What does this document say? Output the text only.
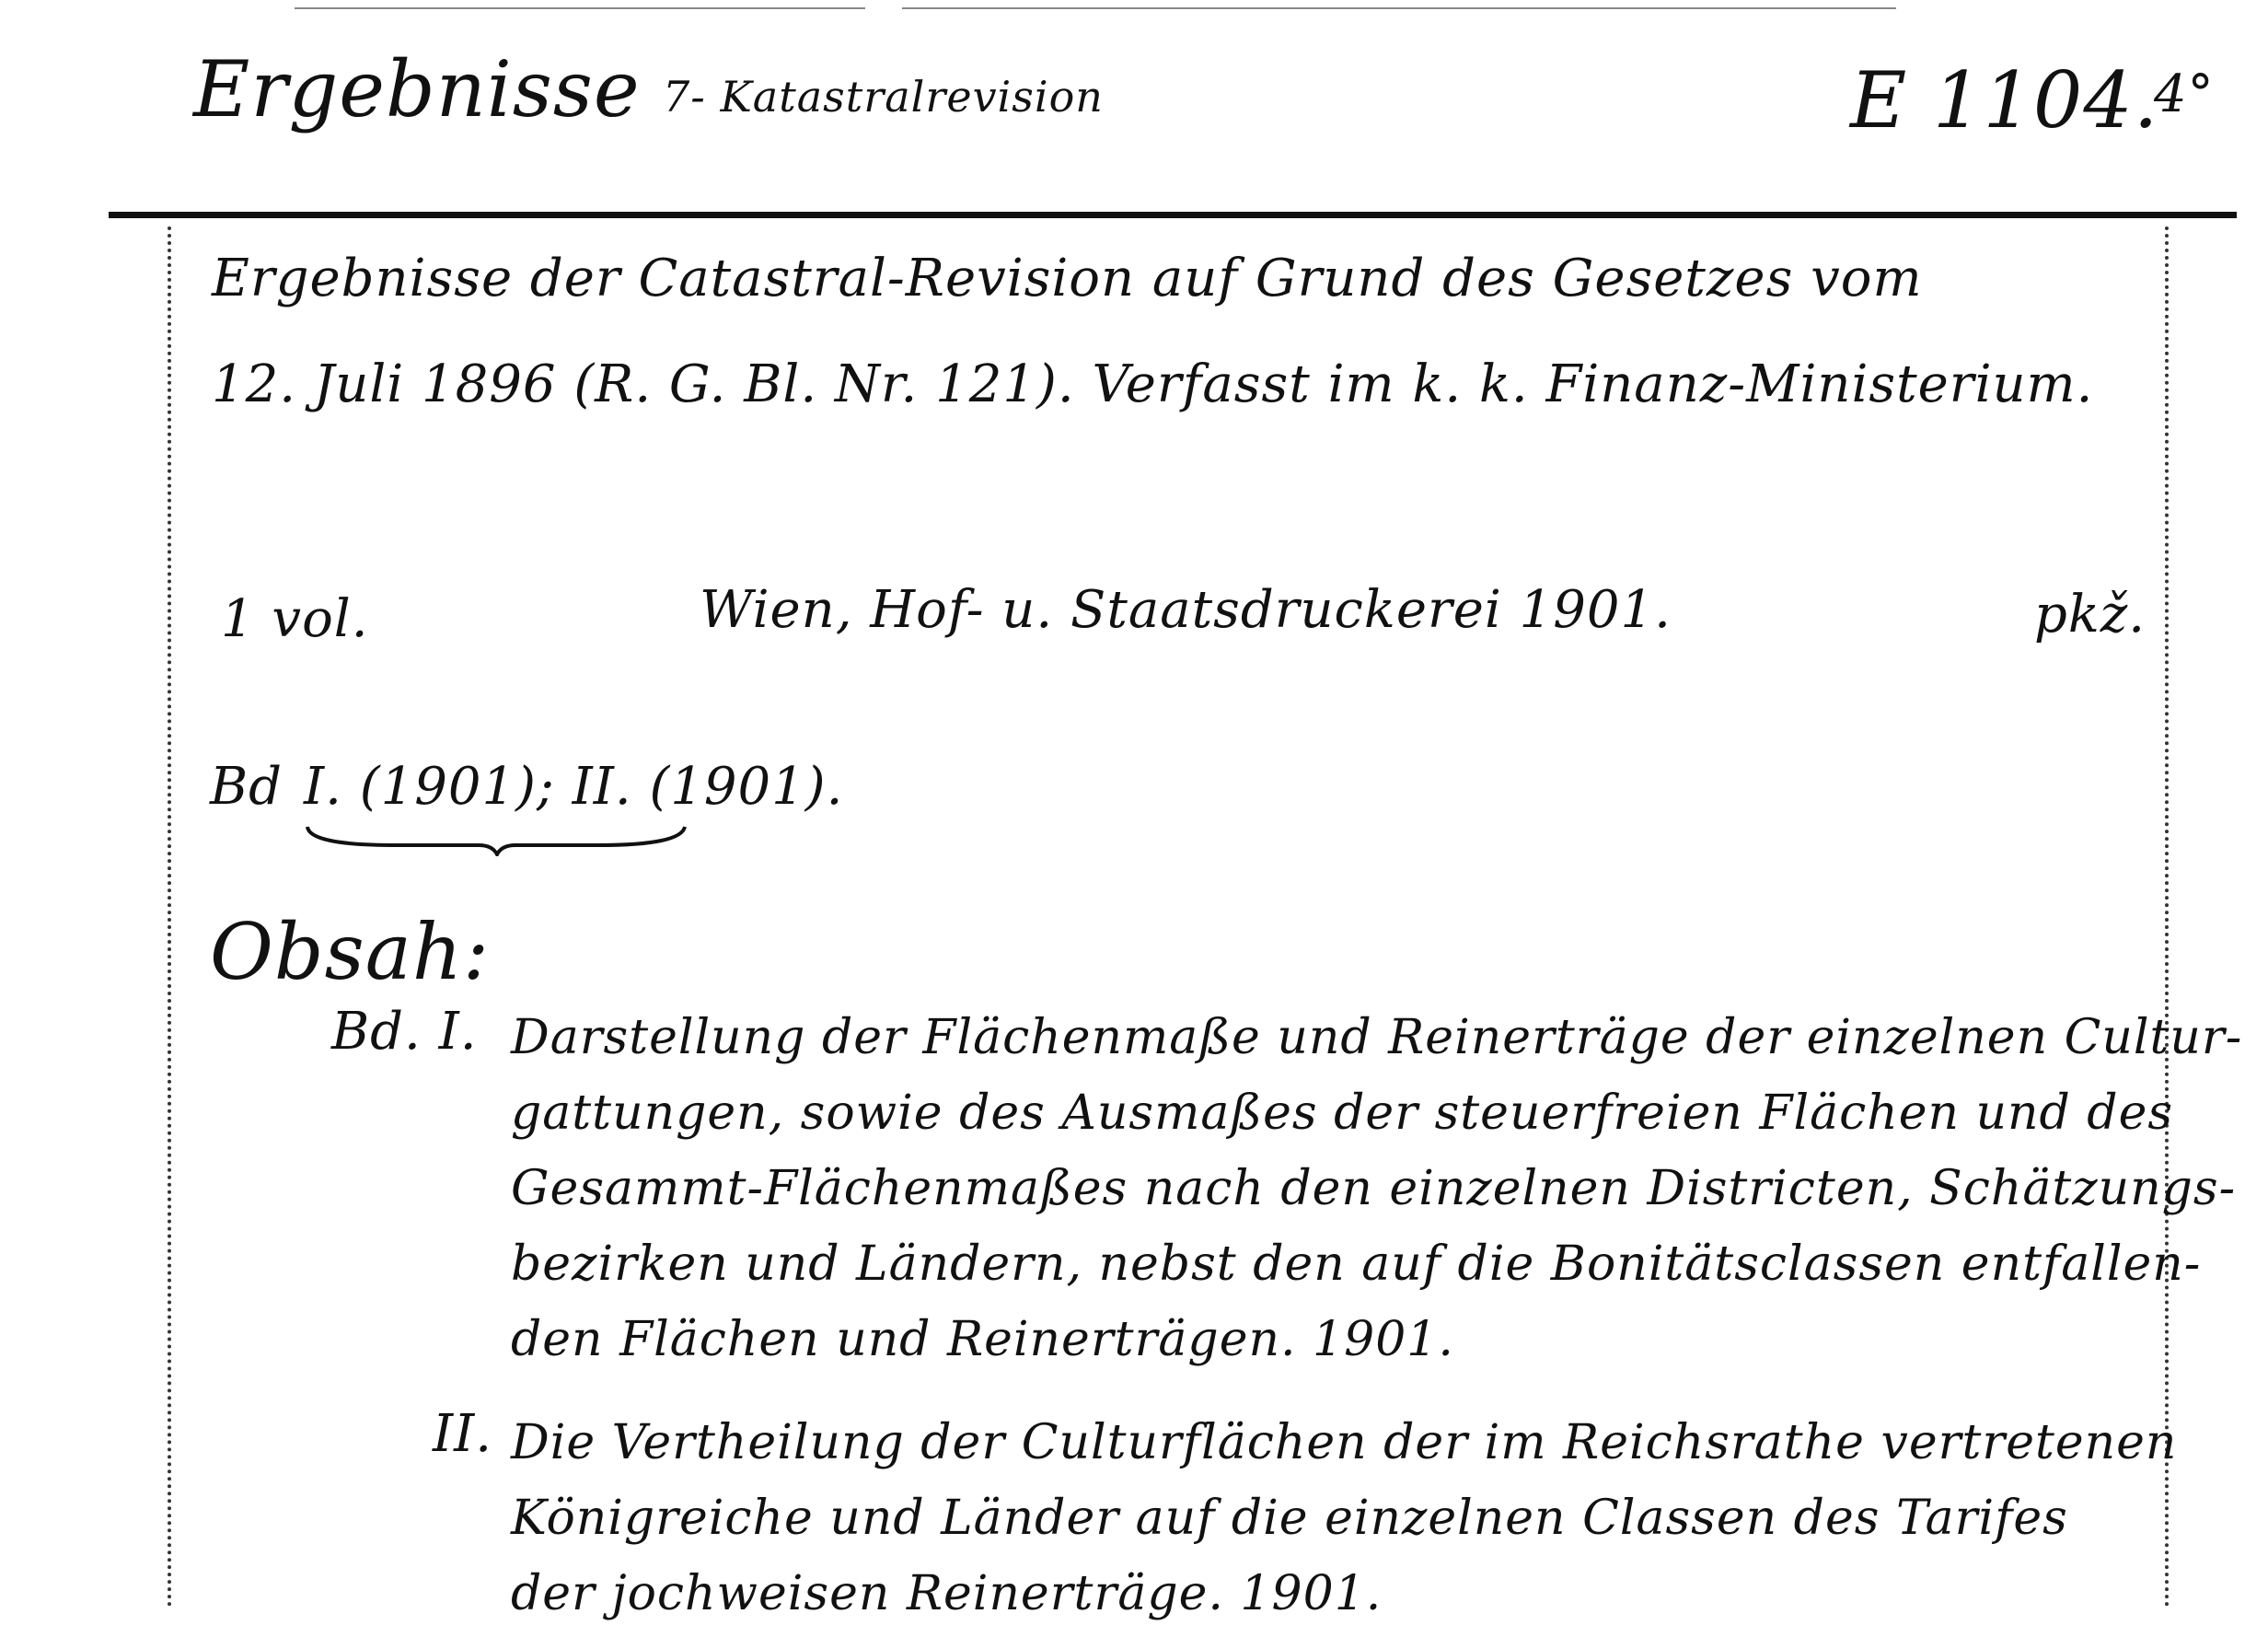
Ergebnisse 7- Katastralrevision	E 1104.
4°
Ergebnisse der Catastral-Revision auf Grund des Gesetzes vom
12. Juli 1896 (R. G. Bl. Nr. 121). Verfasst im k. k. Finanz-Ministerium.
1 vol.	Wien, Hof- u. Staatsdruckerei 1901.	pkž.
Bd I. (1901); II. (1901).
Obsah:
Bd. I. Darstellung der Flächenmaße und Reinerträge der einzelnen Cultur-
gattungen, sowie des Ausmaßes der steuerfreien Flächen und des
Gesammt-Flächenmaßes nach den einzelnen Districten, Schätzungs-
bezirken und Ländern, nebst den auf die Bonitätsclassen entfallen-
den Flächen und Reinerträgen. 1901.
II. Die Vertheilung der Culturflächen der im Reichsrathe vertretenen
Königreiche und Länder auf die einzelnen Classen des Tarifes
der jochweisen Reinerträge. 1901.
